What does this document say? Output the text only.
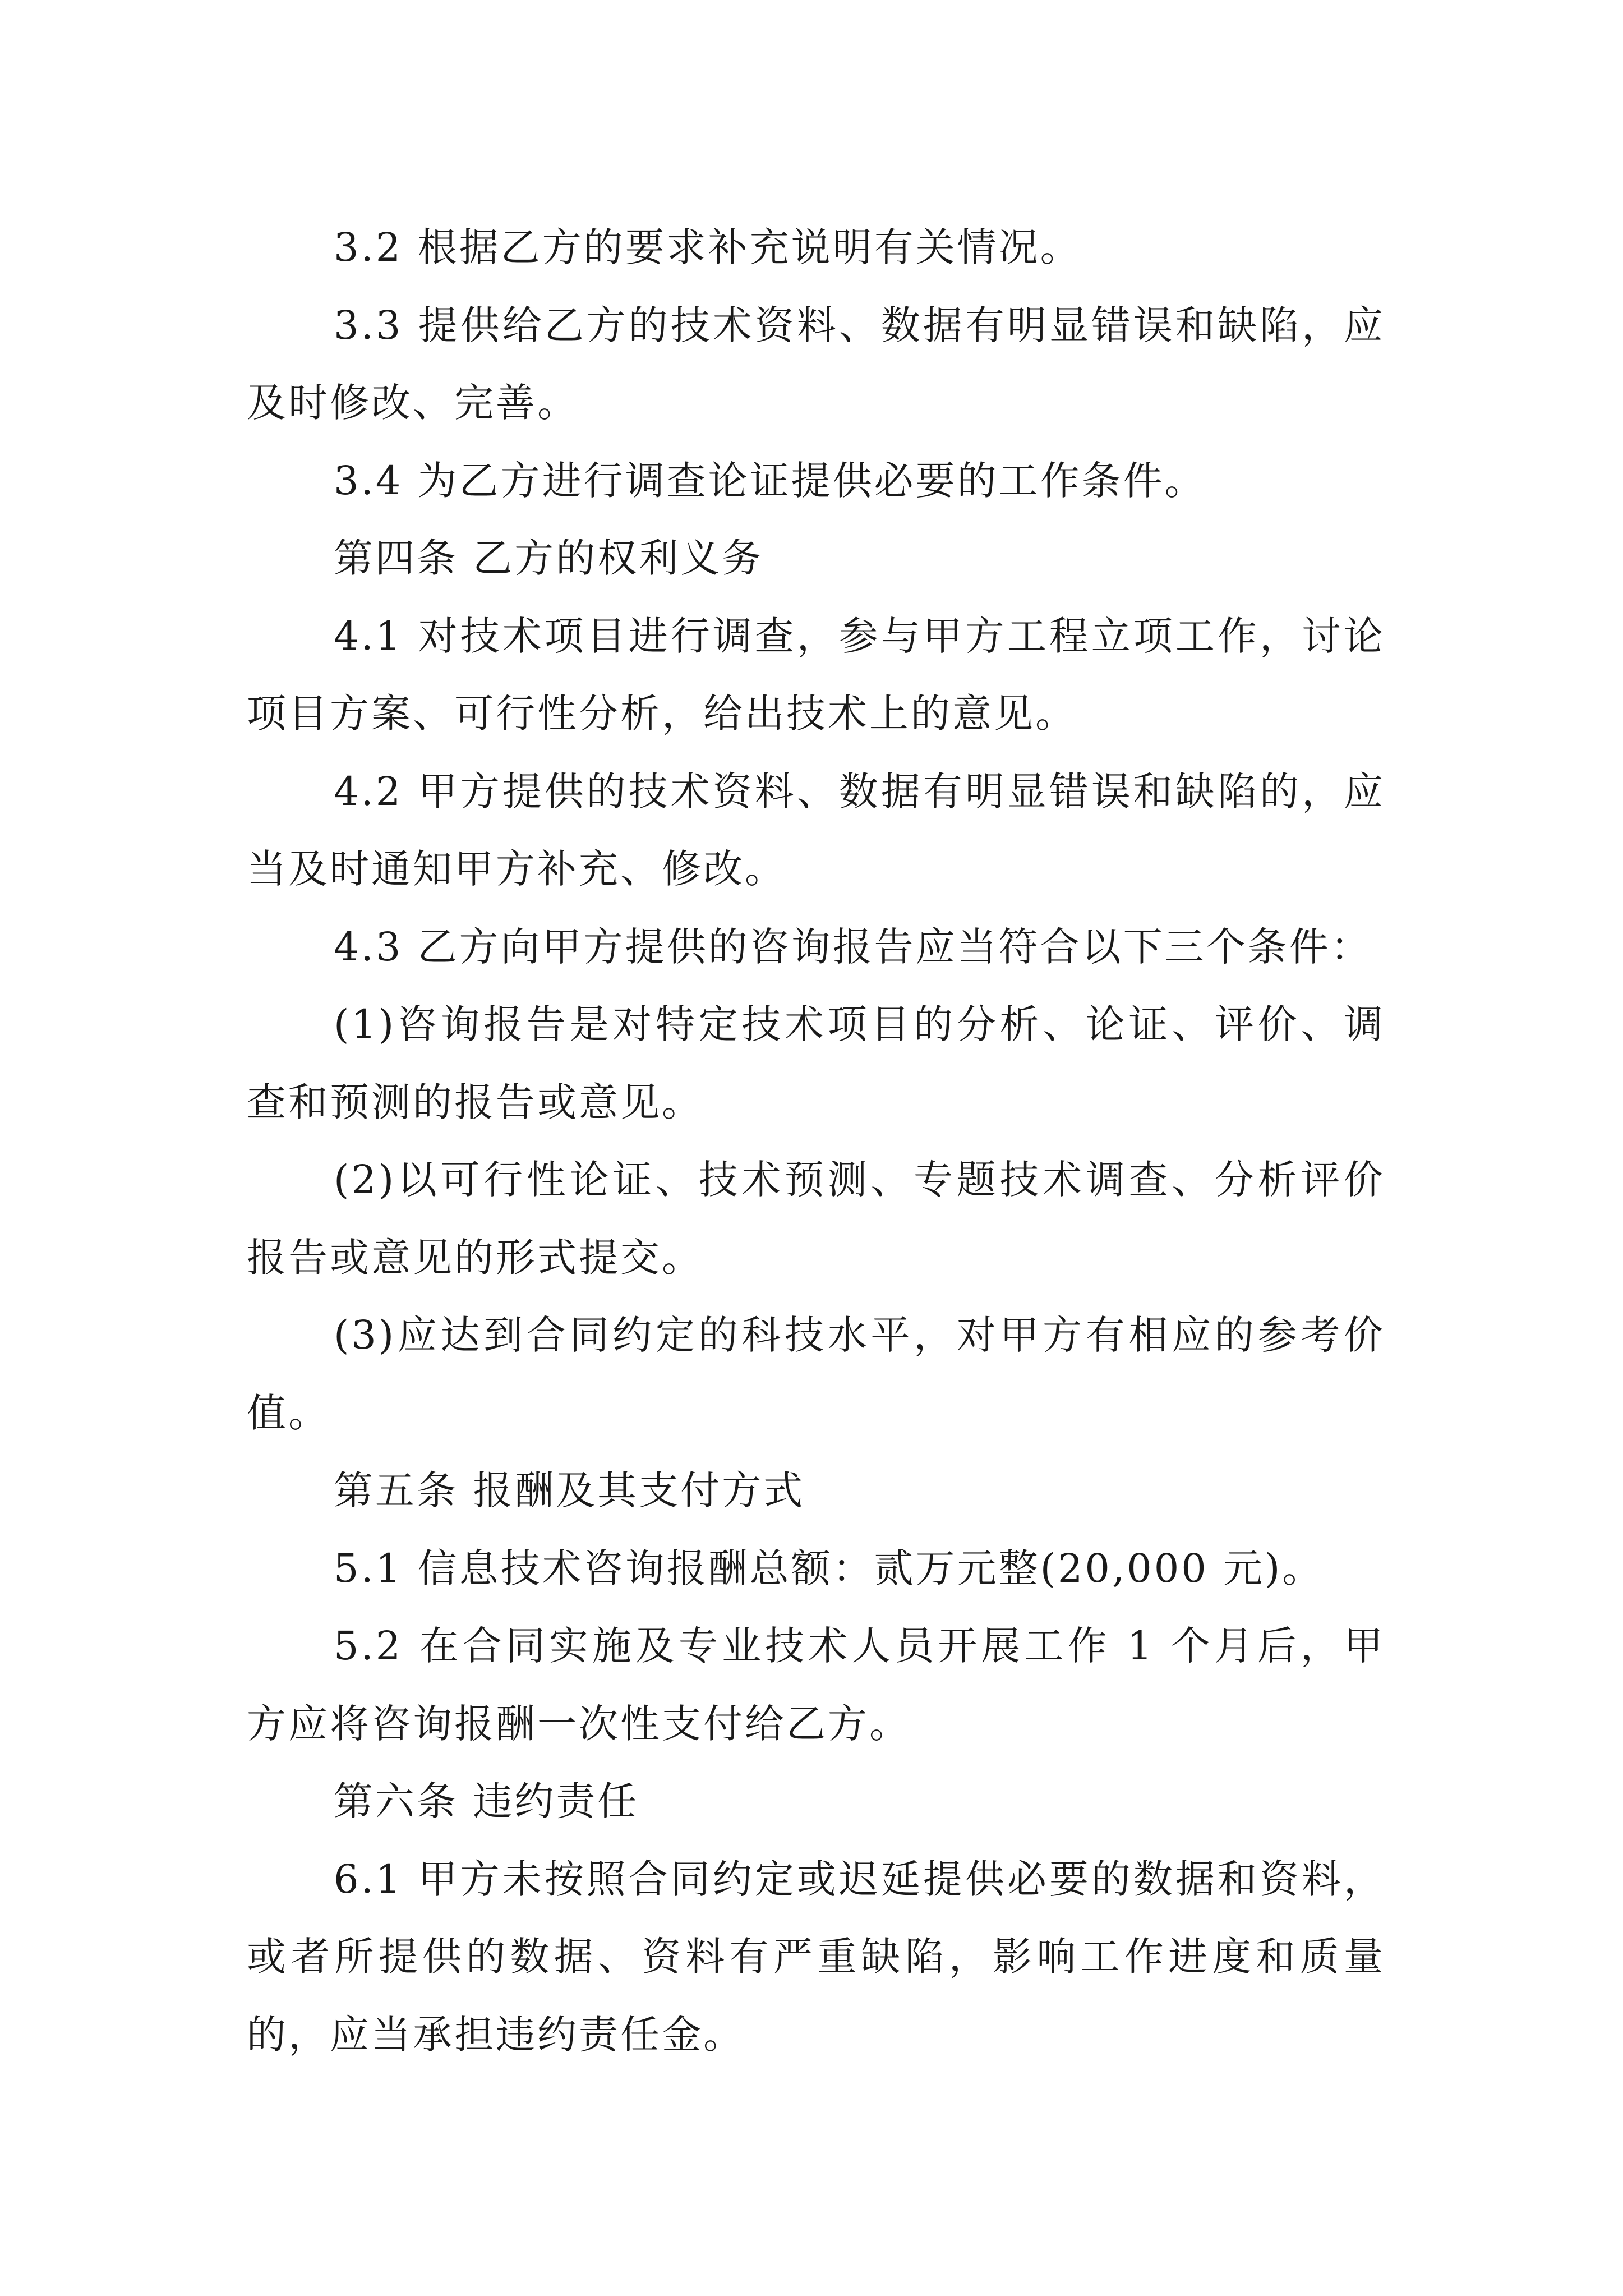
3.2 根据乙方的要求补充说明有关情况。

3.3 提供给乙方的技术资料、数据有明显错误和缺陷，应及时修改、完善。

3.4 为乙方进行调查论证提供必要的工作条件。

第四条 乙方的权利义务

4.1 对技术项目进行调查，参与甲方工程立项工作，讨论项目方案、可行性分析，给出技术上的意见。

4.2 甲方提供的技术资料、数据有明显错误和缺陷的，应当及时通知甲方补充、修改。

4.3 乙方向甲方提供的咨询报告应当符合以下三个条件：

(1)咨询报告是对特定技术项目的分析、论证、评价、调查和预测的报告或意见。

(2)以可行性论证、技术预测、专题技术调查、分析评价报告或意见的形式提交。

(3)应达到合同约定的科技水平，对甲方有相应的参考价值。

第五条 报酬及其支付方式

5.1 信息技术咨询报酬总额：贰万元整(20,000 元)。

5.2 在合同实施及专业技术人员开展工作 1 个月后，甲方应将咨询报酬一次性支付给乙方。

第六条 违约责任

6.1 甲方未按照合同约定或迟延提供必要的数据和资料，或者所提供的数据、资料有严重缺陷，影响工作进度和质量的，应当承担违约责任金。
